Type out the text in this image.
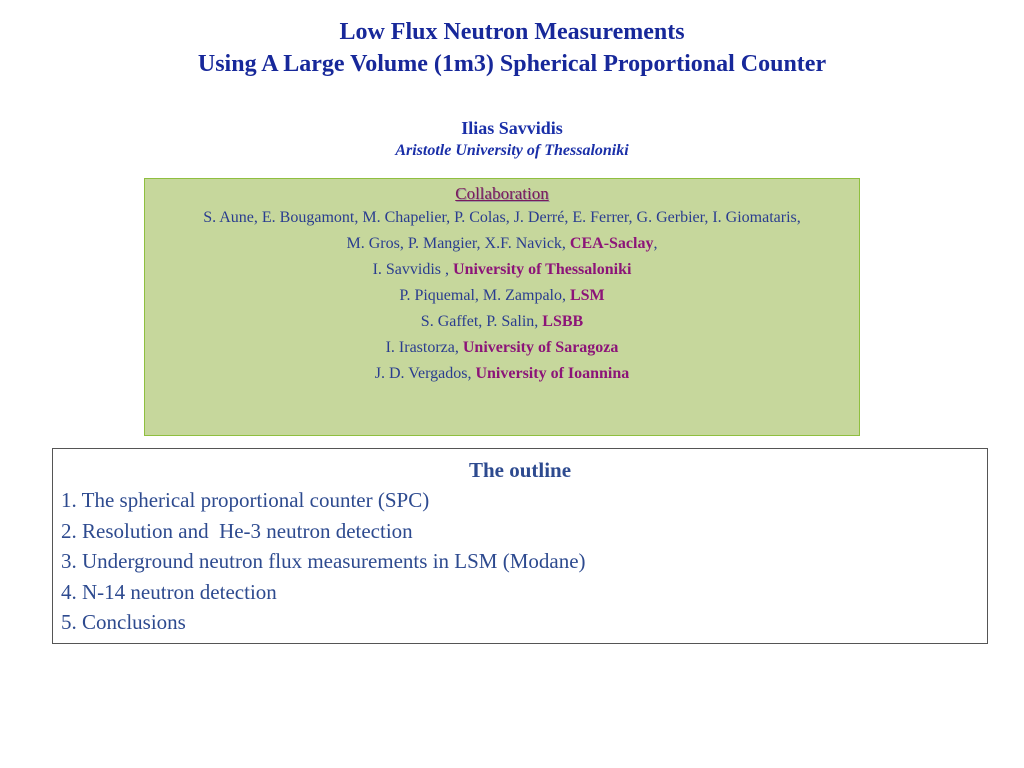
Low Flux Neutron Measurements
Using A Large Volume (1m3) Spherical Proportional Counter
Ilias Savvidis
Aristotle University of Thessaloniki
Collaboration
S. Aune, E. Bougamont, M. Chapelier, P. Colas, J. Derré, E. Ferrer, G. Gerbier, I. Giomataris,
M. Gros, P. Mangier, X.F. Navick, CEA-Saclay,
I. Savvidis , University of Thessaloniki
P. Piquemal, M. Zampalo, LSM
S. Gaffet, P. Salin, LSBB
I. Irastorza, University of Saragoza
J. D. Vergados, University of Ioannina
The outline
1. The spherical proportional counter (SPC)
2. Resolution and  He-3 neutron detection
3. Underground neutron flux measurements in LSM (Modane)
4. N-14 neutron detection
5. Conclusions
